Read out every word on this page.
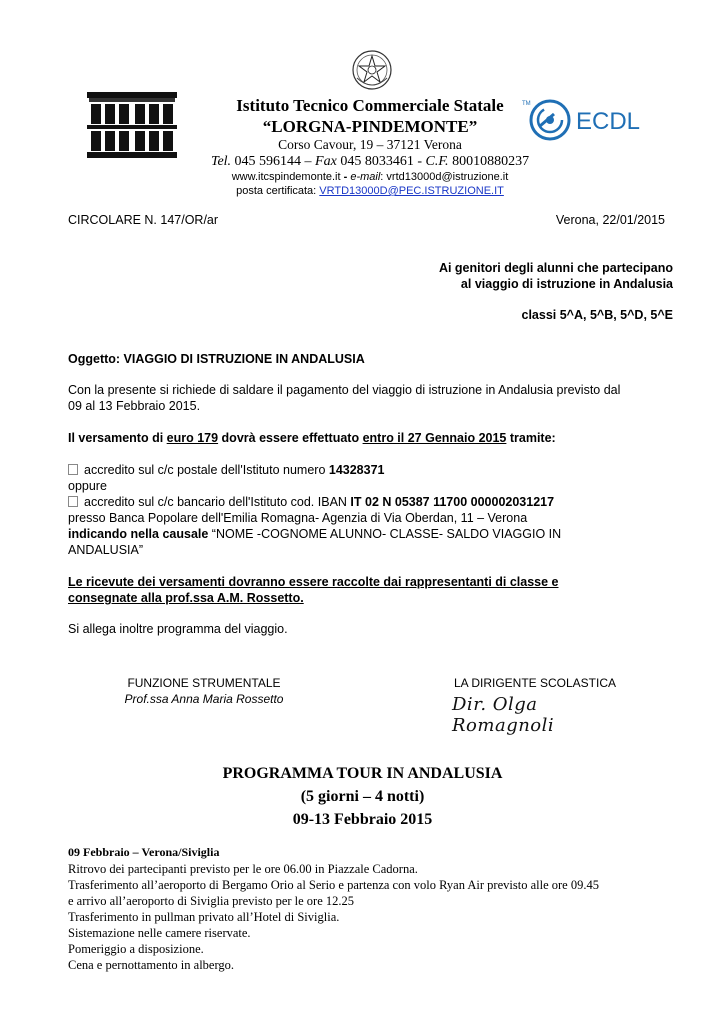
Istituto Tecnico Commerciale Statale
“LORGNA-PINDEMONTE”
Corso Cavour, 19 – 37121 Verona
Tel. 045 596144 – Fax 045 8033461 - C.F. 80010880237
www.itcspindemonte.it - e-mail: vrtd13000d@istruzione.it
posta certificata: VRTD13000D@PEC.ISTRUZIONE.IT
TM
ECDL
CIRCOLARE N. 147/OR/ar	Verona, 22/01/2015
Ai genitori degli alunni che partecipano
al viaggio di istruzione in Andalusia
classi 5^A, 5^B, 5^D, 5^E
Oggetto: VIAGGIO DI ISTRUZIONE IN ANDALUSIA
Con la presente si richiede di saldare il pagamento del viaggio di istruzione in Andalusia previsto dal
09 al 13 Febbraio 2015.
Il versamento di euro 179 dovrà essere effettuato entro il 27 Gennaio 2015 tramite:
accredito sul c/c postale dell'Istituto numero 14328371
oppure
accredito sul c/c bancario dell'Istituto cod. IBAN IT 02 N 05387 11700 000002031217
presso Banca Popolare dell'Emilia Romagna- Agenzia di Via Oberdan, 11 – Verona
indicando nella causale “NOME -COGNOME ALUNNO- CLASSE- SALDO VIAGGIO IN
ANDALUSIA”
Le ricevute dei versamenti dovranno essere raccolte dai rappresentanti di classe e
consegnate alla prof.ssa A.M. Rossetto.
Si allega inoltre programma del viaggio.
FUNZIONE STRUMENTALE
Prof.ssa Anna Maria Rossetto
LA DIRIGENTE SCOLASTICA
Dir. Olga Romagnoli
PROGRAMMA TOUR IN ANDALUSIA
(5 giorni – 4 notti)
09-13 Febbraio 2015
09 Febbraio – Verona/Siviglia
Ritrovo dei partecipanti previsto per le ore 06.00 in Piazzale Cadorna.
Trasferimento all’aeroporto di Bergamo Orio al Serio e partenza con volo Ryan Air previsto alle ore 09.45
e arrivo all’aeroporto di Siviglia previsto per le ore 12.25
Trasferimento in pullman privato all’Hotel di Siviglia.
Sistemazione nelle camere riservate.
Pomeriggio a disposizione.
Cena e pernottamento in albergo.
